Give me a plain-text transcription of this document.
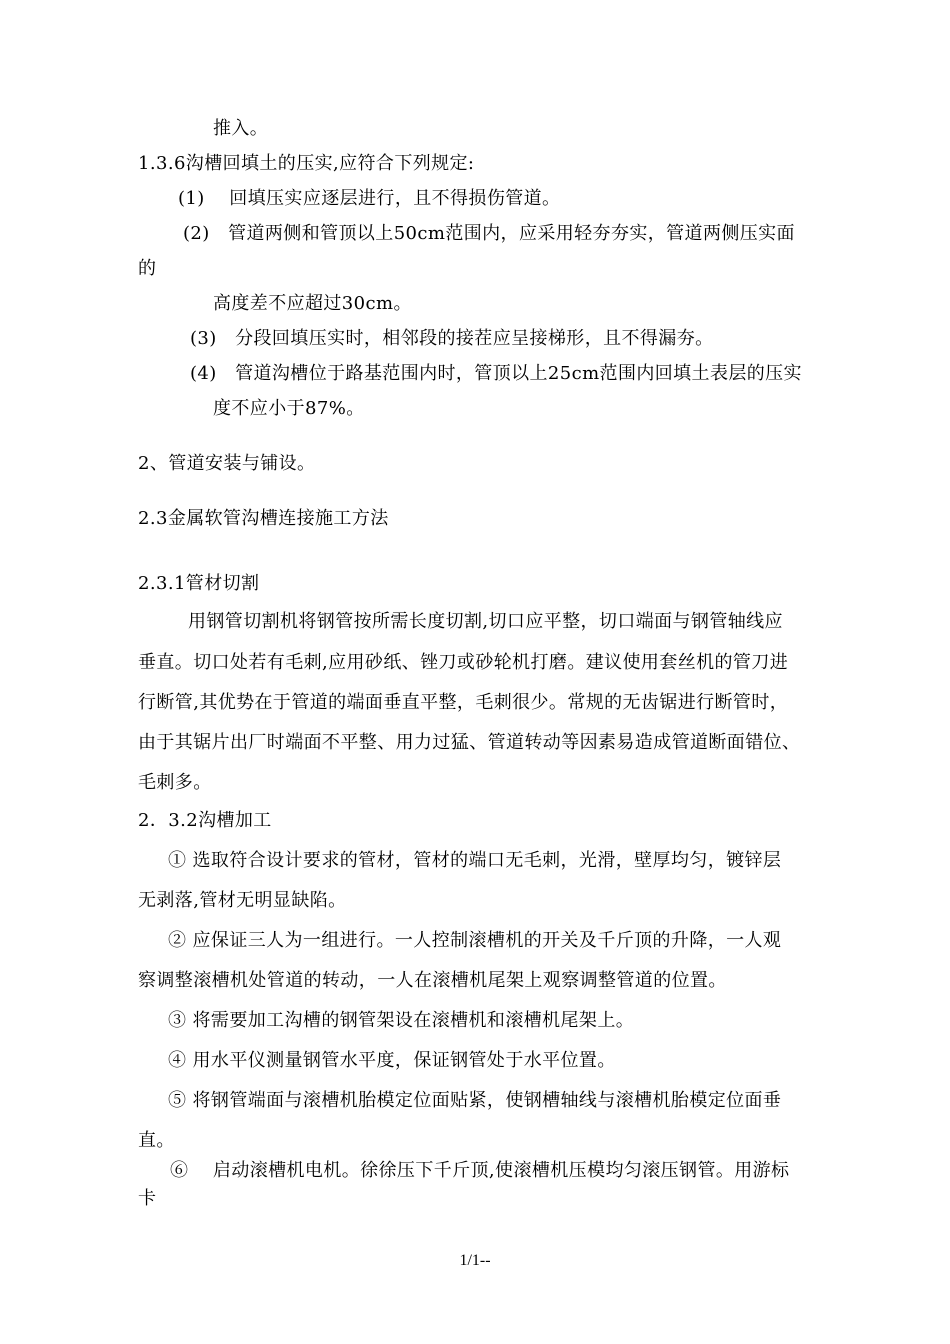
推入。
1.3.6沟槽回填土的压实,应符合下列规定:
(1)　 回填压实应逐层进行，且不得损伤管道。
(2)　管道两侧和管顶以上50cm范围内，应采用轻夯夯实，管道两侧压实面
的
高度差不应超过30cm。
(3)　分段回填压实时，相邻段的接茬应呈接梯形，且不得漏夯。
(4)　管道沟槽位于路基范围内时，管顶以上25cm范围内回填土表层的压实
度不应小于87%。
2、管道安装与铺设。
2.3金属软管沟槽连接施工方法
2.3.1管材切割
用钢管切割机将钢管按所需长度切割,切口应平整，切口端面与钢管轴线应
垂直。切口处若有毛刺,应用砂纸、锉刀或砂轮机打磨。建议使用套丝机的管刀进
行断管,其优势在于管道的端面垂直平整，毛刺很少。常规的无齿锯进行断管时，
由于其锯片出厂时端面不平整、用力过猛、管道转动等因素易造成管道断面错位、
毛刺多。
2．3.2沟槽加工
① 选取符合设计要求的管材，管材的端口无毛刺，光滑，壁厚均匀，镀锌层
无剥落,管材无明显缺陷。
② 应保证三人为一组进行。一人控制滚槽机的开关及千斤顶的升降，一人观
察调整滚槽机处管道的转动，一人在滚槽机尾架上观察调整管道的位置。
③ 将需要加工沟槽的钢管架设在滚槽机和滚槽机尾架上。
④ 用水平仪测量钢管水平度，保证钢管处于水平位置。
⑤ 将钢管端面与滚槽机胎模定位面贴紧，使钢槽轴线与滚槽机胎模定位面垂
直。
⑥　 启动滚槽机电机。徐徐压下千斤顶,使滚槽机压模均匀滚压钢管。用游标
卡
1/1--
